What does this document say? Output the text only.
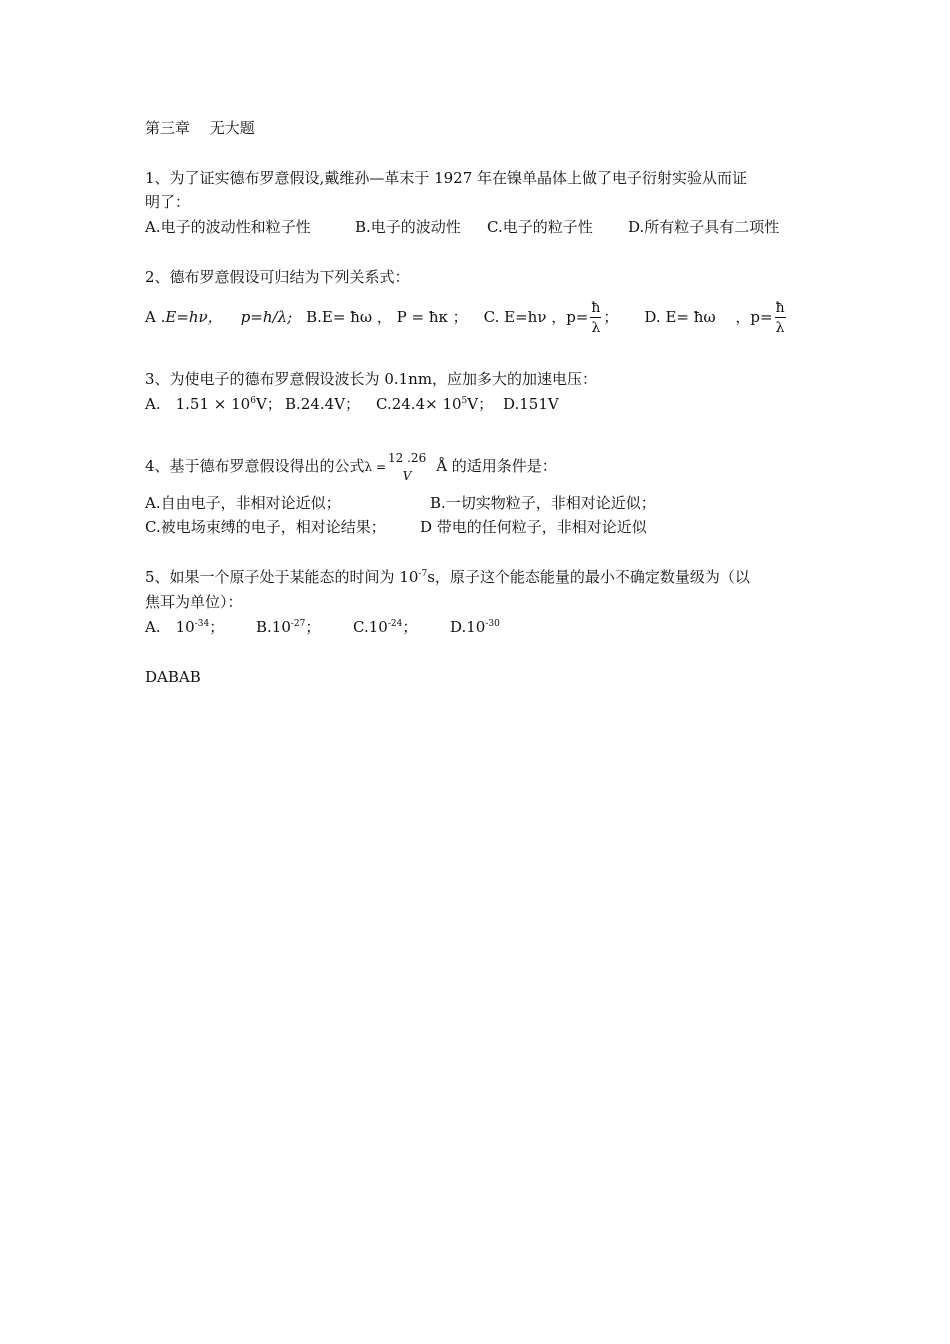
第三章　 无大题
1、为了证实德布罗意假设,戴维孙—革末于 1927 年在镍单晶体上做了电子衍射实验从而证
明了：
A.电子的波动性和粒子性	B.电子的波动性 C.电子的粒子性 D.所有粒子具有二项性
2、德布罗意假设可归结为下列关系式：
A .E=hν， p=h/λ; B.E= ħω ， P = ħκ ； C. E=hν ，$p= \frac{ħ}{\lambda}$ ； D. E= ħω 　，$p= \frac{ħ}{\lambda}$
3、为使电子的德布罗意假设波长为 0.1nm，应加多大的加速电压：
A.　$1.51 \times 10^6V$； B.24.4V； $C.24.4\times 10^5V$； D.151V
4、基于德布罗意假设得出的公式λ =
12 .26
V
Å 的适用条件是：
A.自由电子，非相对论近似；	B.一切实物粒子，非相对论近似；
C.被电场束缚的电子，相对论结果； D 带电的任何粒子，非相对论近似
5、如果一个原子处于某能态的时间为 $10^{-7}s$，原子这个能态能量的最小不确定数量级为（以
焦耳为单位）：
A.　$10^{-34}$； $B.10^{-27}$； $C.10^{-24}$； $D.10^{-30}$
DABAB
